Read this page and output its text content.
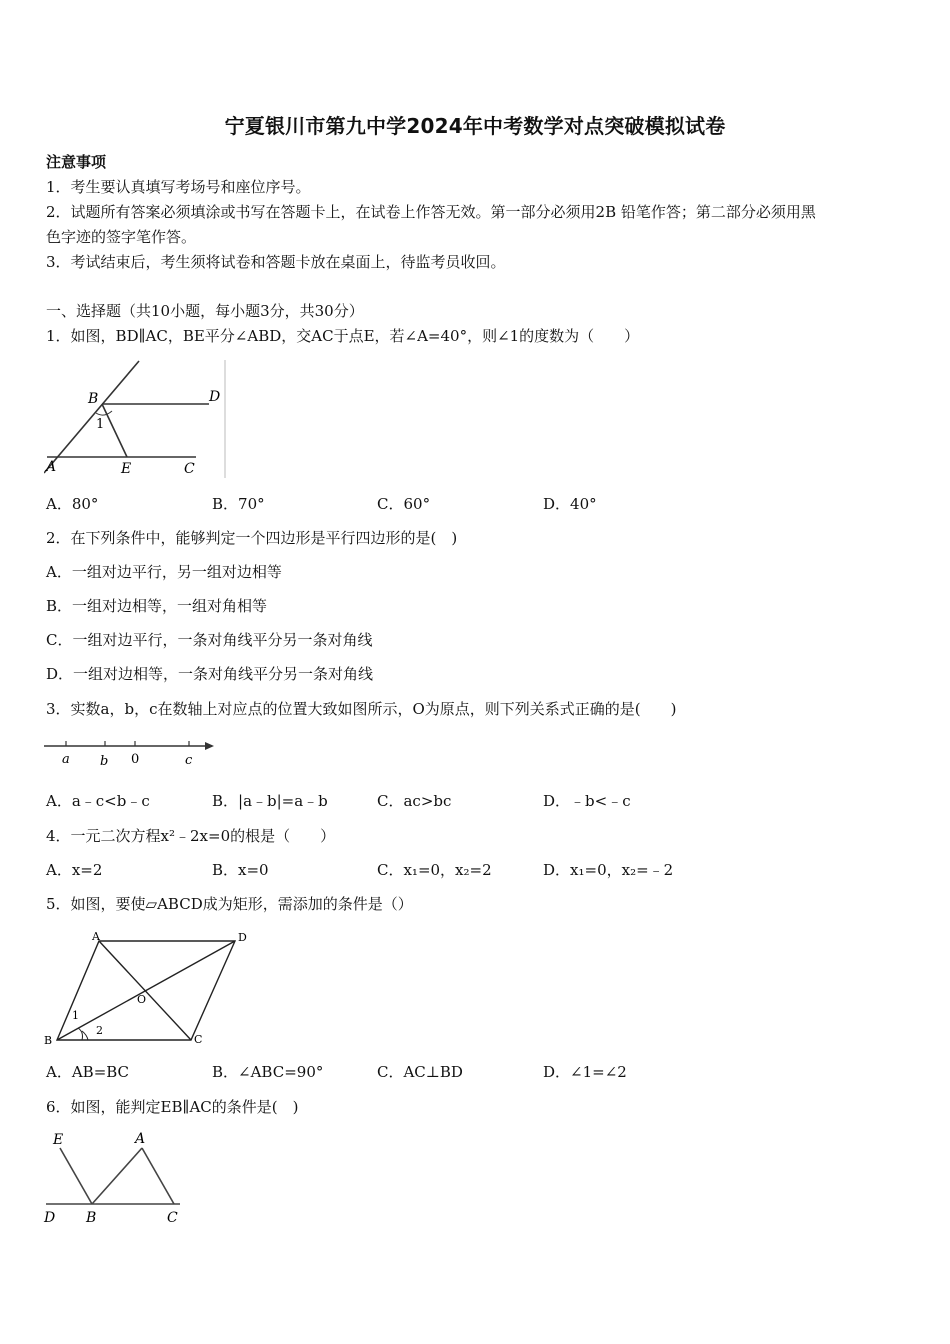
宁夏银川市第九中学2024年中考数学对点突破模拟试卷
注意事项
1．考生要认真填写考场号和座位序号。
2．试题所有答案必须填涂或书写在答题卡上，在试卷上作答无效。第一部分必须用2B 铅笔作答；第二部分必须用黑
色字迹的签字笔作答。
3．考试结束后，考生须将试卷和答题卡放在桌面上，待监考员收回。
一、选择题（共10小题，每小题3分，共30分）
1．如图，BD∥AC，BE平分∠ABD，交AC于点E，若∠A=40°，则∠1的度数为（　　）
B	D
1
A	E	C
A．80°	B．70°	C．60°	D．40°
2．在下列条件中，能够判定一个四边形是平行四边形的是(　)
A．一组对边平行，另一组对边相等
B．一组对边相等，一组对角相等
C．一组对边平行，一条对角线平分另一条对角线
D．一组对边相等，一条对角线平分另一条对角线
3．实数a，b，c在数轴上对应点的位置大致如图所示，O为原点，则下列关系式正确的是(　　)
a b 0	c
A．a﹣c<b﹣c	B．|a﹣b|=a﹣b	C．ac>bc	D．﹣b<﹣c
4．一元二次方程x²﹣2x=0的根是（　　）
A．x=2	B．x=0	C．x₁=0，x₂=2	D．x₁=0，x₂=﹣2
5．如图，要使▱ABCD成为矩形，需添加的条件是（）
A	D
O
B	C
1
2
A．AB=BC	B．∠ABC=90°	C．AC⊥BD	D．∠1=∠2
6．如图，能判定EB∥AC的条件是(　)
E	A
D B	C
